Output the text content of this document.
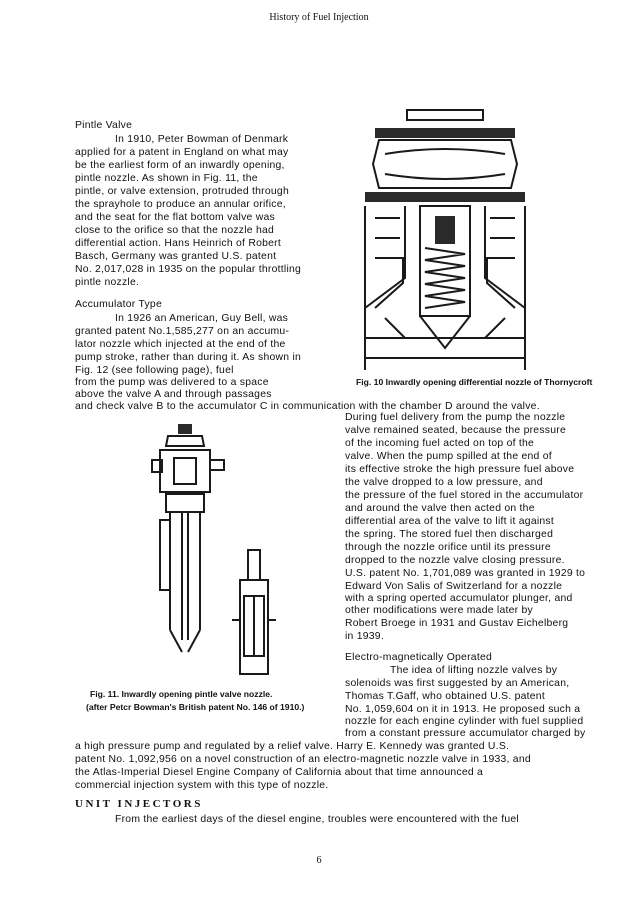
History of Fuel Injection
Pintle Valve
In 1910, Peter Bowman of Denmark
applied for a patent in England on what may
be the earliest form of an inwardly opening,
pintle nozzle. As shown in Fig. 11, the
pintle, or valve extension, protruded through
the sprayhole to produce an annular orifice,
and the seat for the flat bottom valve was
close to the orifice so that the nozzle had
differential action. Hans Heinrich of Robert
Basch, Germany was granted U.S. patent
No. 2,017,028 in 1935 on the popular throttling
pintle nozzle.
Accumulator Type
In 1926 an American, Guy Bell, was
granted patent No.1,585,277 on an accumu-
lator nozzle which injected at the end of the
pump stroke, rather than during it. As shown in
Fig. 12 (see following page), fuel
from the pump was delivered to a space
above the valve A and through passages
and check valve B to the accumulator C in communication with the chamber D around the valve.
Fig. 10 Inwardly opening differential nozzle of Thornycroft
During fuel delivery from the pump the nozzle
valve remained seated, because the pressure
of the incoming fuel acted on top of the
valve. When the pump spilled at the end of
its effective stroke the high pressure fuel above
the valve dropped to a low pressure, and
the pressure of the fuel stored in the accumulator
and around the valve then acted on the
differential area of the valve to lift it against
the spring. The stored fuel then discharged
through the nozzle orifice until its pressure
dropped to the nozzle valve closing pressure.
U.S. patent No. 1,701,089 was granted in 1929 to
Edward Von Salis of Switzerland for a nozzle
with a spring operted accumulator plunger, and
other modifications were made later by
Robert Broege in 1931 and Gustav Eichelberg
in 1939.
Electro-magnetically Operated
The idea of lifting nozzle valves by
solenoids was first suggested by an American,
Thomas T.Gaff, who obtained U.S. patent
No. 1,059,604 on it in 1913. He proposed such a
nozzle for each engine cylinder with fuel supplied
from a constant pressure accumulator charged by
Fig. 11. Inwardly opening pintle valve nozzle.
(after Petcr Bowman's British patent No. 146 of 1910.)
a high pressure pump and regulated by a relief valve. Harry E. Kennedy was granted U.S.
patent No. 1,092,956 on a novel construction of an electro-magnetic nozzle valve in 1933, and
the Atlas-Imperial Diesel Engine Company of California about that time announced a
commercial injection system with this type of nozzle.
UNIT INJECTORS
From the earliest days of the diesel engine, troubles were encountered with the fuel
6
